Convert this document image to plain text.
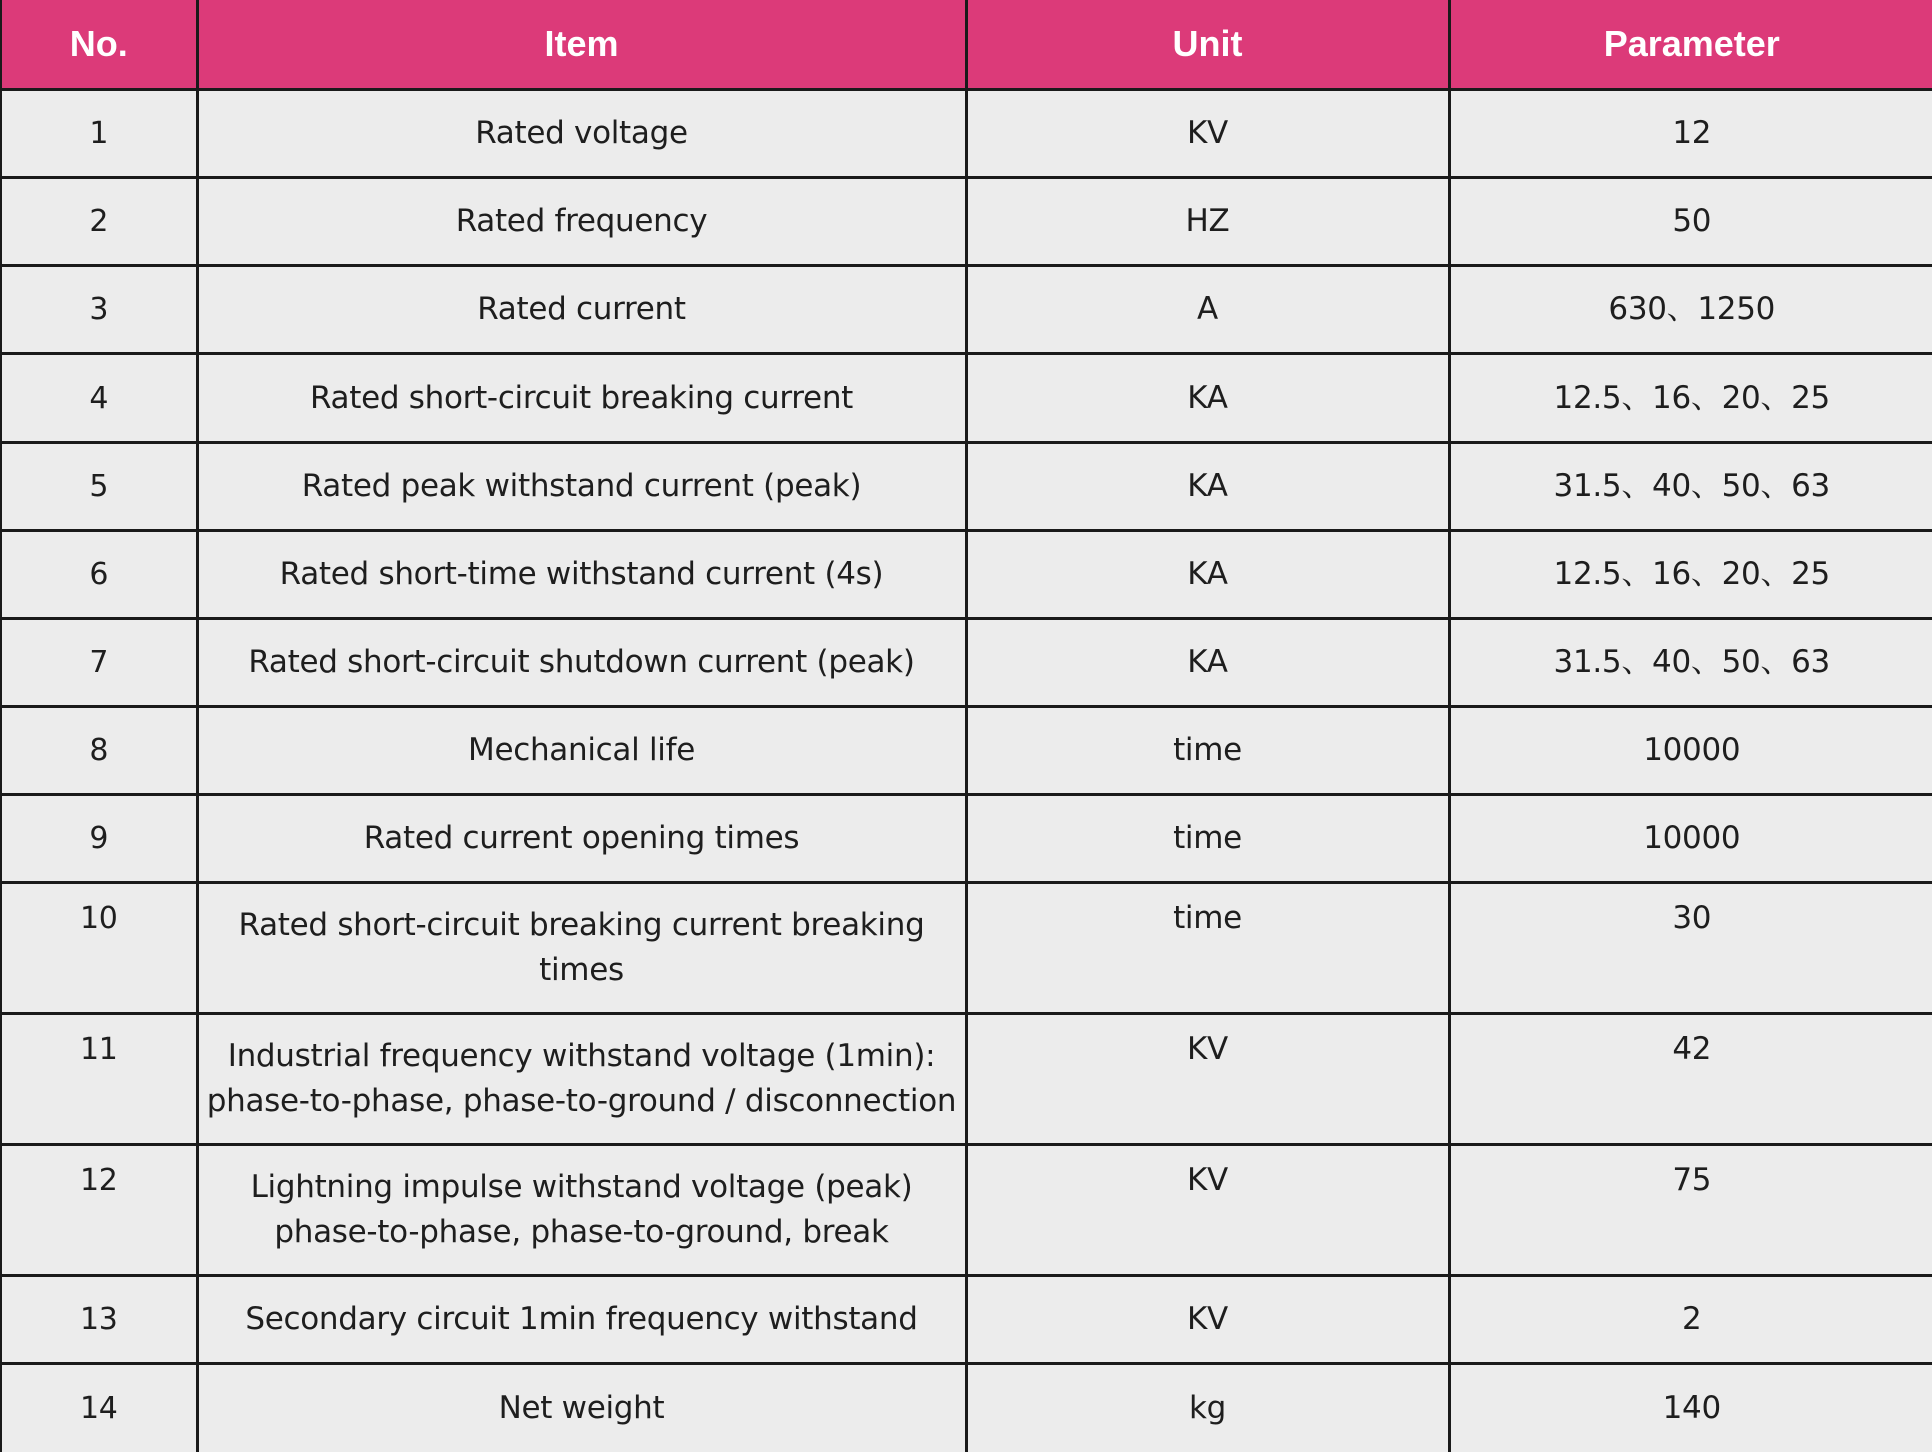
No.	Item	Unit	Parameter
1	Rated voltage	KV	12
2	Rated frequency	HZ	50
3	Rated current	A	630、1250
4	Rated short-circuit breaking current	KA	12.5、16、20、25
5	Rated peak withstand current (peak)	KA	31.5、40、50、63
6	Rated short-time withstand current (4s)	KA	12.5、16、20、25
7	Rated short-circuit shutdown current (peak)	KA	31.5、40、50、63
8	Mechanical life	time	10000
9	Rated current opening times	time	10000
10	Rated short-circuit breaking current breaking times	time	30
11	Industrial frequency withstand voltage (1min): phase-to-phase, phase-to-ground / disconnection	KV	42
12	Lightning impulse withstand voltage (peak) phase-to-phase, phase-to-ground, break	KV	75
13	Secondary circuit 1min frequency withstand	KV	2
14	Net weight	kg	140
